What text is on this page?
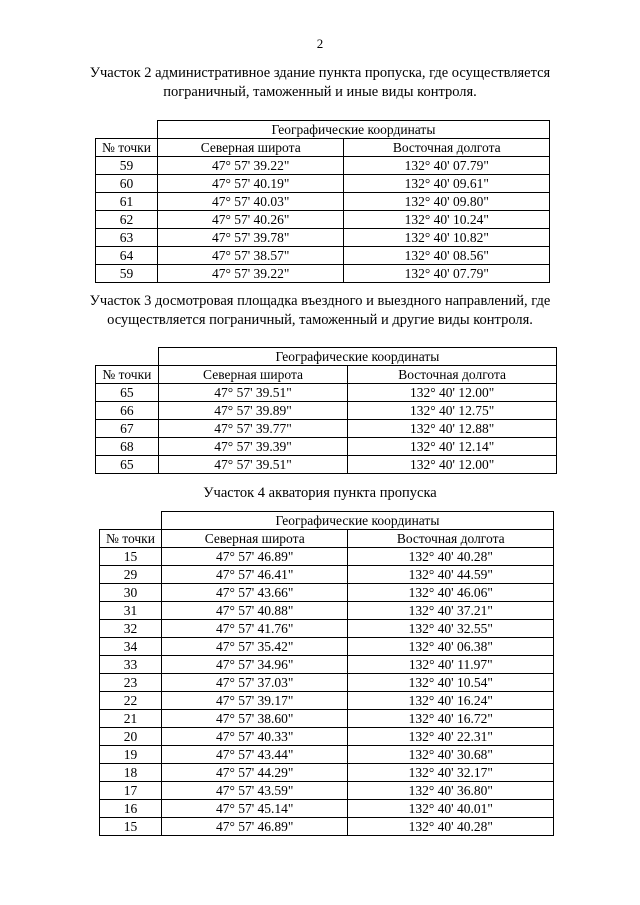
2
Участок 2 административное здание пункта пропуска, где осуществляется
пограничный, таможенный и иные виды контроля.
	Географические координаты	
№ точки	Северная широта	Восточная долгота
59	47° 57' 39.22"	132° 40' 07.79"
60	47° 57' 40.19"	132° 40' 09.61"
61	47° 57' 40.03"	132° 40' 09.80"
62	47° 57' 40.26"	132° 40' 10.24"
63	47° 57' 39.78"	132° 40' 10.82"
64	47° 57' 38.57"	132° 40' 08.56"
59	47° 57' 39.22"	132° 40' 07.79"
Участок 3 досмотровая площадка въездного и выездного направлений, где
осуществляется пограничный, таможенный и другие виды контроля.
	Географические координаты	
№ точки	Северная широта	Восточная долгота
65	47° 57' 39.51"	132° 40' 12.00"
66	47° 57' 39.89"	132° 40' 12.75"
67	47° 57' 39.77"	132° 40' 12.88"
68	47° 57' 39.39"	132° 40' 12.14"
65	47° 57' 39.51"	132° 40' 12.00"
Участок 4 акватория пункта пропуска
	Географические координаты	
№ точки	Северная широта	Восточная долгота
15	47° 57' 46.89"	132° 40' 40.28"
29	47° 57' 46.41"	132° 40' 44.59"
30	47° 57' 43.66"	132° 40' 46.06"
31	47° 57' 40.88"	132° 40' 37.21"
32	47° 57' 41.76"	132° 40' 32.55"
34	47° 57' 35.42"	132° 40' 06.38"
33	47° 57' 34.96"	132° 40' 11.97"
23	47° 57' 37.03"	132° 40' 10.54"
22	47° 57' 39.17"	132° 40' 16.24"
21	47° 57' 38.60"	132° 40' 16.72"
20	47° 57' 40.33"	132° 40' 22.31"
19	47° 57' 43.44"	132° 40' 30.68"
18	47° 57' 44.29"	132° 40' 32.17"
17	47° 57' 43.59"	132° 40' 36.80"
16	47° 57' 45.14"	132° 40' 40.01"
15	47° 57' 46.89"	132° 40' 40.28"
